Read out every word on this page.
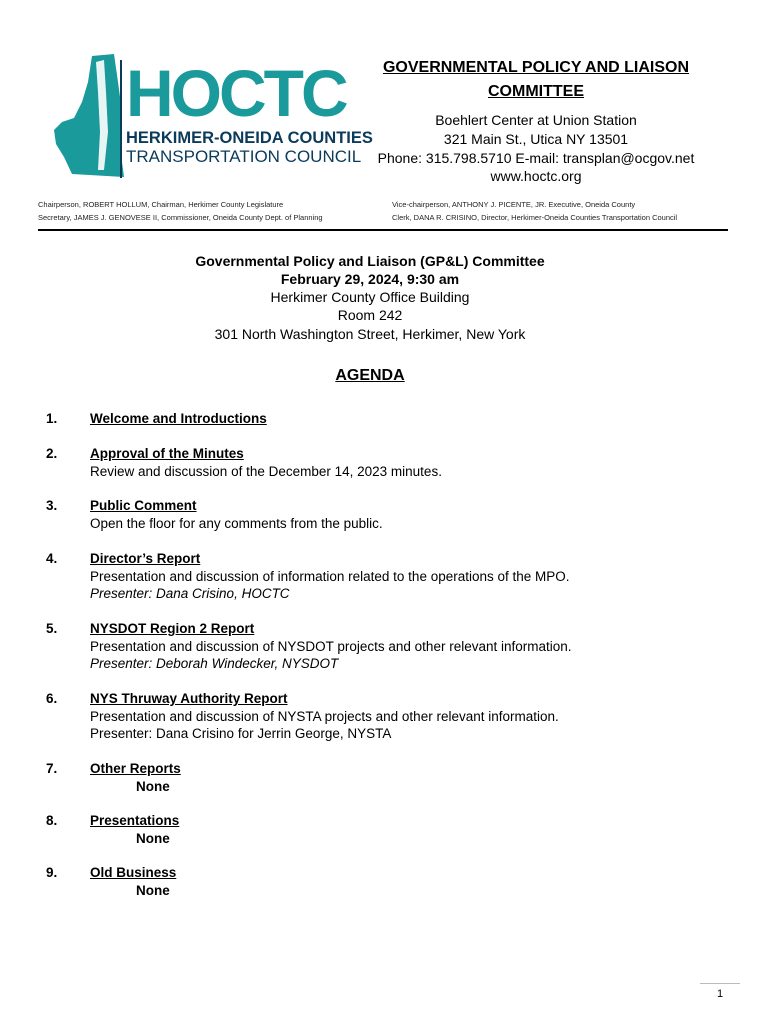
HOCTC
HERKIMER-ONEIDA COUNTIES
TRANSPORTATION COUNCIL
GOVERNMENTAL POLICY AND LIAISON
COMMITTEE
Boehlert Center at Union Station
321 Main St., Utica NY 13501
Phone: 315.798.5710 E-mail: transplan@ocgov.net
www.hoctc.org
Chairperson, ROBERT HOLLUM, Chairman, Herkimer County Legislature
Secretary, JAMES J. GENOVESE II, Commissioner, Oneida County Dept. of Planning
Vice-chairperson, ANTHONY J. PICENTE, JR. Executive, Oneida County
Clerk, DANA R. CRISINO, Director, Herkimer-Oneida Counties Transportation Council
Governmental Policy and Liaison (GP&L) Committee
February 29, 2024, 9:30 am
Herkimer County Office Building
Room 242
301 North Washington Street, Herkimer, New York
AGENDA
1. Welcome and Introductions
2. Approval of the Minutes
Review and discussion of the December 14, 2023 minutes.
3. Public Comment
Open the floor for any comments from the public.
4. Director’s Report
Presentation and discussion of information related to the operations of the MPO.
Presenter: Dana Crisino, HOCTC
5. NYSDOT Region 2 Report
Presentation and discussion of NYSDOT projects and other relevant information.
Presenter: Deborah Windecker, NYSDOT
6. NYS Thruway Authority Report
Presentation and discussion of NYSTA projects and other relevant information.
Presenter: Dana Crisino for Jerrin George, NYSTA
7. Other Reports
None
8. Presentations
None
9. Old Business
None
1
